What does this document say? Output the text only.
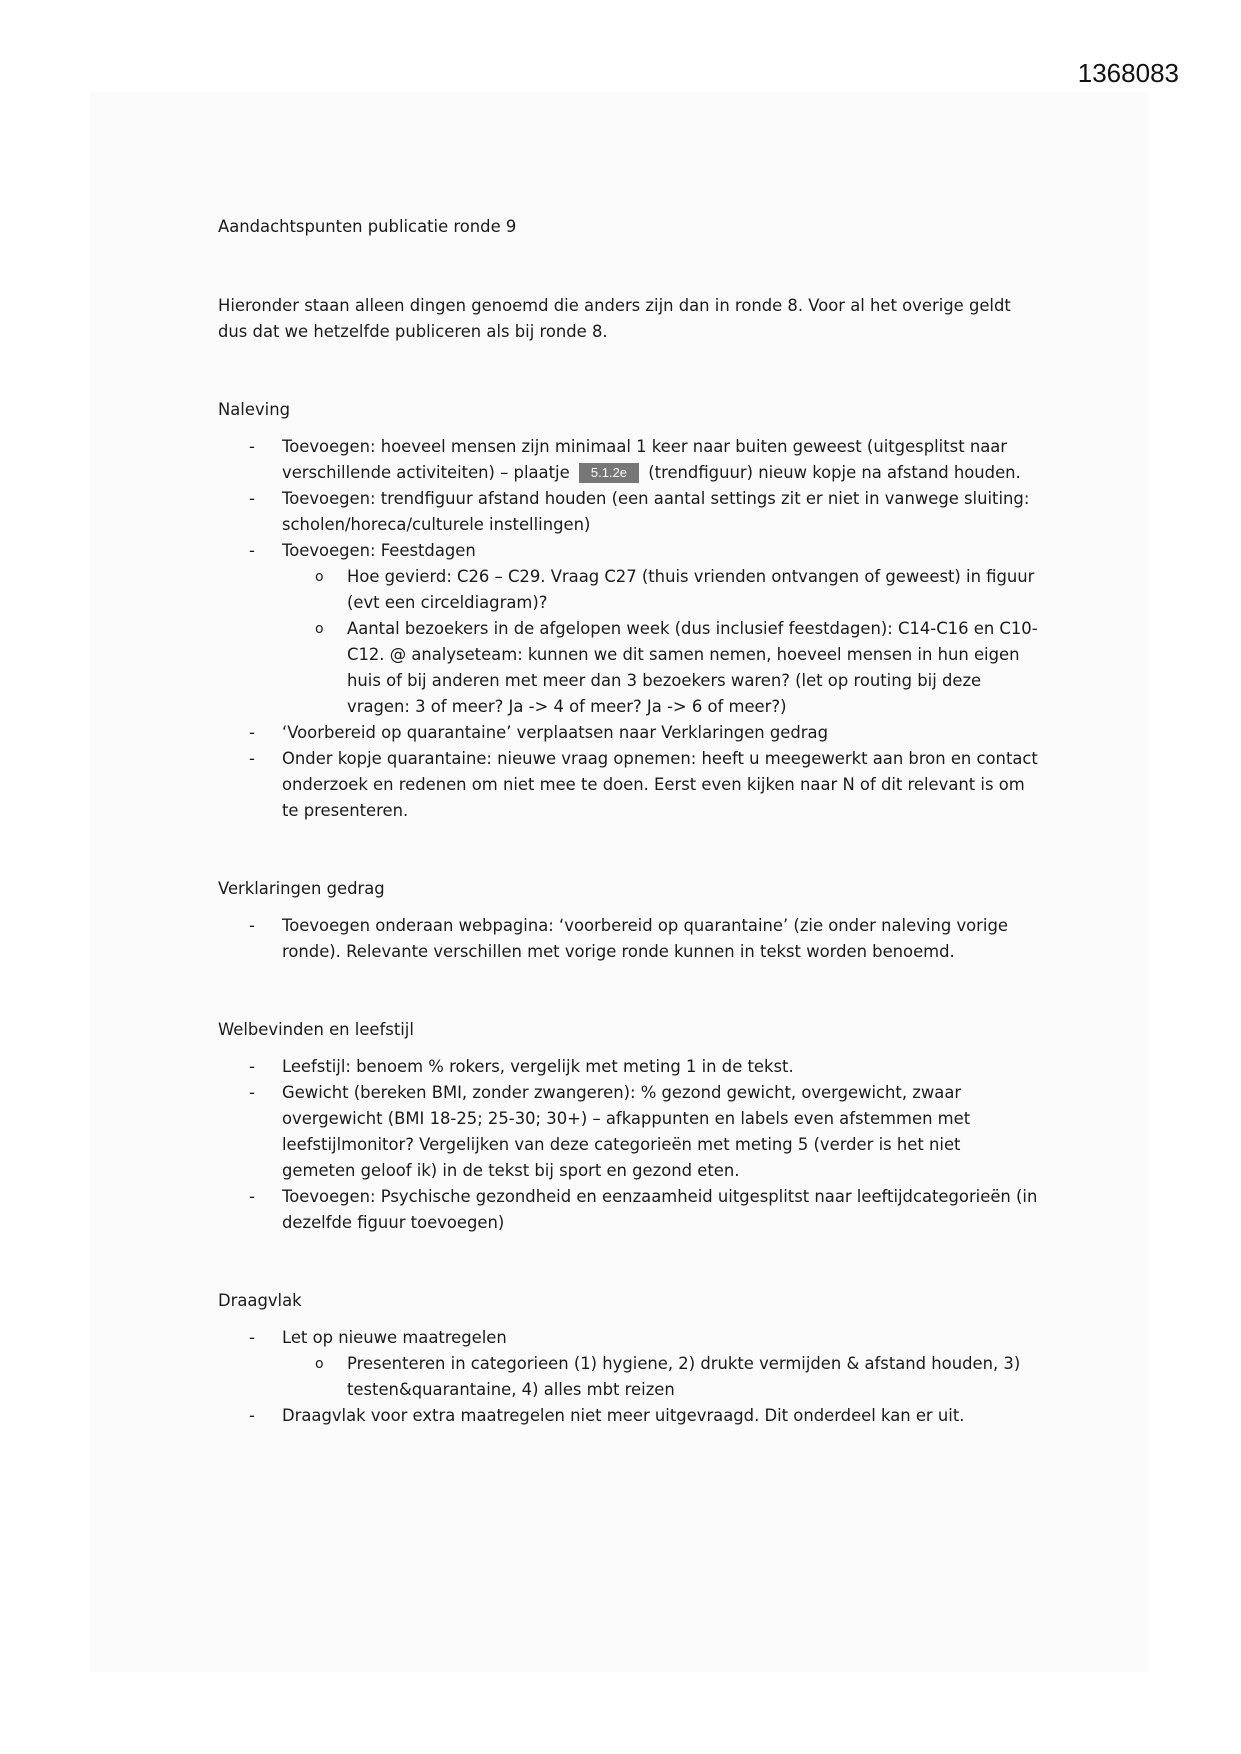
1368083

Aandachtspunten publicatie ronde 9

Hieronder staan alleen dingen genoemd die anders zijn dan in ronde 8. Voor al het overige geldt dus dat we hetzelfde publiceren als bij ronde 8.

Naleving

- Toevoegen: hoeveel mensen zijn minimaal 1 keer naar buiten geweest (uitgesplitst naar verschillende activiteiten) – plaatje 5.1.2e (trendfiguur) nieuw kopje na afstand houden.
- Toevoegen: trendfiguur afstand houden (een aantal settings zit er niet in vanwege sluiting: scholen/horeca/culturele instellingen)
- Toevoegen: Feestdagen
o Hoe gevierd: C26 – C29. Vraag C27 (thuis vrienden ontvangen of geweest) in figuur (evt een circeldiagram)?
o Aantal bezoekers in de afgelopen week (dus inclusief feestdagen): C14-C16 en C10-C12. @ analyseteam: kunnen we dit samen nemen, hoeveel mensen in hun eigen huis of bij anderen met meer dan 3 bezoekers waren? (let op routing bij deze vragen: 3 of meer? Ja -> 4 of meer? Ja -> 6 of meer?)
- ‘Voorbereid op quarantaine’ verplaatsen naar Verklaringen gedrag
- Onder kopje quarantaine: nieuwe vraag opnemen: heeft u meegewerkt aan bron en contact onderzoek en redenen om niet mee te doen. Eerst even kijken naar N of dit relevant is om te presenteren.

Verklaringen gedrag

- Toevoegen onderaan webpagina: ‘voorbereid op quarantaine’ (zie onder naleving vorige ronde). Relevante verschillen met vorige ronde kunnen in tekst worden benoemd.

Welbevinden en leefstijl

- Leefstijl: benoem % rokers, vergelijk met meting 1 in de tekst.
- Gewicht (bereken BMI, zonder zwangeren): % gezond gewicht, overgewicht, zwaar overgewicht (BMI 18-25; 25-30; 30+) – afkappunten en labels even afstemmen met leefstijlmonitor? Vergelijken van deze categorieën met meting 5 (verder is het niet gemeten geloof ik) in de tekst bij sport en gezond eten.
- Toevoegen: Psychische gezondheid en eenzaamheid uitgesplitst naar leeftijdcategorieën (in dezelfde figuur toevoegen)

Draagvlak

- Let op nieuwe maatregelen
o Presenteren in categorieen (1) hygiene, 2) drukte vermijden & afstand houden, 3) testen&quarantaine, 4) alles mbt reizen
- Draagvlak voor extra maatregelen niet meer uitgevraagd. Dit onderdeel kan er uit.
